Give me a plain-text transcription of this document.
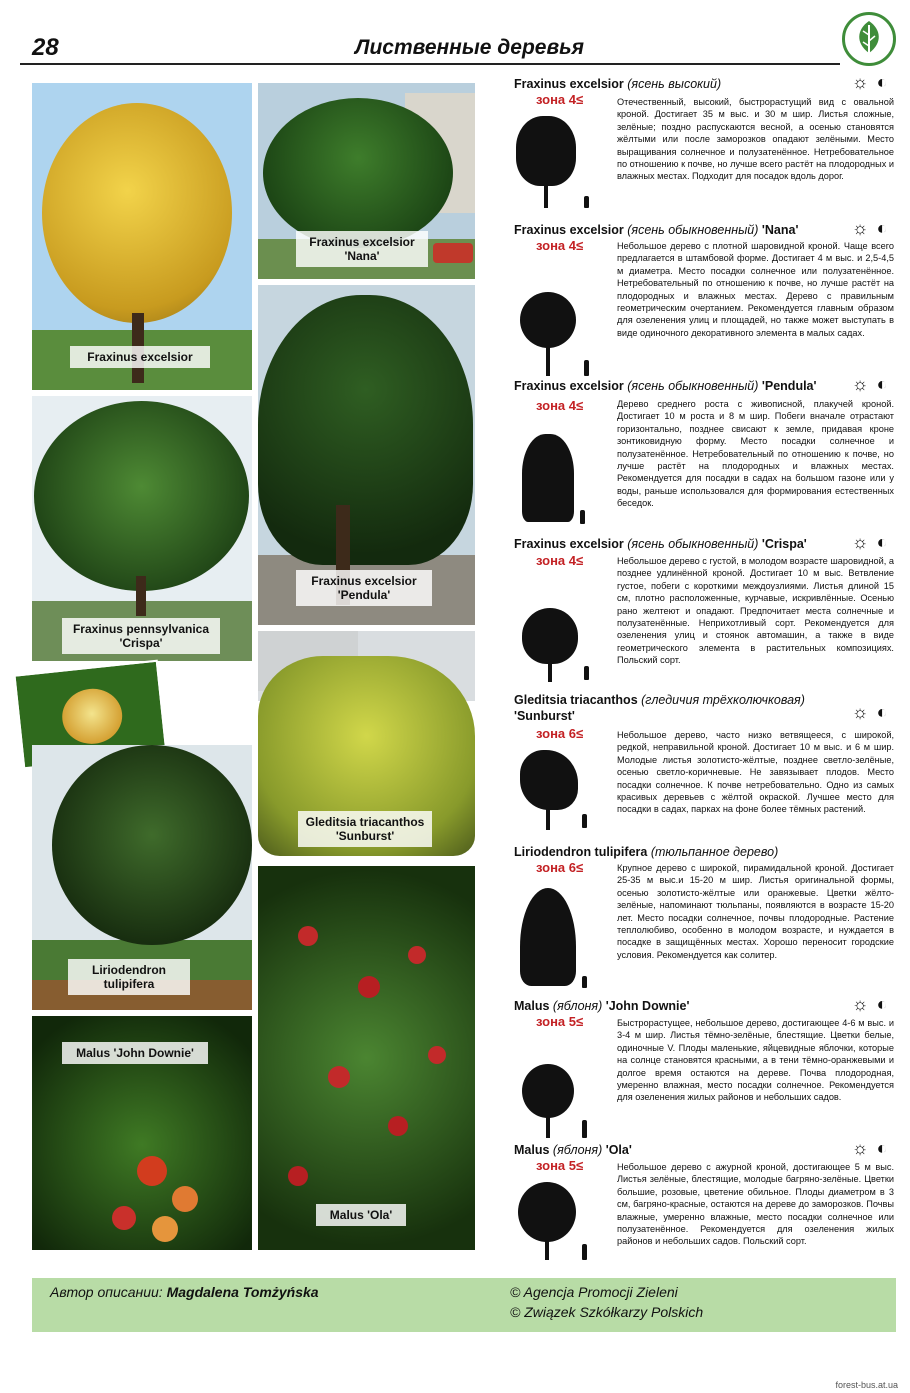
28	Лиственные деревья
Fraxinus excelsior
Fraxinus excelsior
'Nana'
Fraxinus excelsior
'Pendula'
Fraxinus pennsylvanica
'Crispa'
Gleditsia triacanthos
'Sunburst'
Liriodendron
tulipifera
Malus 'John Downie'
Malus 'Ola'
Fraxinus excelsior (ясень высокий)	☼ ◐
зона 4≤	Отечественный, высокий, быстрорастущий вид с овальной кроной. Достигает 35 м выс. и 30 м шир. Листья сложные, зелёные; поздно распускаются весной, а осенью становятся жёлтыми или после заморозков опадают зелёными. Место выращивания солнечное и полузатенённое. Нетребовательное по отношению к почве, но лучше всего растёт на плодородных и влажных местах. Подходит для посадок вдоль дорог.
Fraxinus excelsior (ясень обыкновенный) 'Nana'	☼ ◐
зона 4≤	Небольшое дерево с плотной шаровидной кроной. Чаще всего предлагается в штамбовой форме. Достигает 4 м выс. и 2,5-4,5 м диаметра. Место посадки солнечное или полузатенённое. Нетребовательный по отношению к почве, но лучше растёт на плодородных и влажных местах. Дерево с правильным геометрическим очертанием. Рекомендуется главным образом для озеленения улиц и площадей, но также может выступать в виде одиночного декоративного элемента в малых садах.
Fraxinus excelsior (ясень обыкновенный) 'Pendula'	☼ ◐
зона 4≤	Дерево среднего роста с живописной, плакучей кроной. Достигает 10 м роста и 8 м шир. Побеги вначале отрастают горизонтально, позднее свисают к земле, придавая кроне зонтиковидную форму. Место посадки солнечное и полузатенённое. Нетребовательный по отношению к почве, но лучше растёт на плодородных и влажных местах. Рекомендуется для посадки в садах на большом газоне или у воды, раньше использовался для формирования естественных беседок.
Fraxinus excelsior (ясень обыкновенный) 'Crispa'	☼ ◐
зона 4≤	Небольшое дерево с густой, в молодом возрасте шаровидной, а позднее удлинённой кроной. Достигает 10 м выс. Ветвление густое, побеги с короткими междоузлиями. Листья длиной 15 см, плотно расположенные, курчавые, искривлённые. Осенью рано желтеют и опадают. Предпочитает места солнечные и полузатенённые. Неприхотливый сорт. Рекомендуется для озеленения улиц и стоянок автомашин, а также в виде геометрического элемента в растительных композициях. Польский сорт.
Gleditsia triacanthos (гледичия трёхколючковая)
'Sunburst'	☼ ◐
зона 6≤	Небольшое дерево, часто низко ветвящееся, с широкой, редкой, неправильной кроной. Достигает 10 м выс. и 6 м шир. Молодые листья золотисто-жёлтые, позднее светло-зелёные, осенью светло-коричневые. Не завязывает плодов. Место посадки солнечное. К почве нетребовательно. Одно из самых красивых деревьев с жёлтой окраской. Лучшее место для посадки в садах, парках на фоне более тёмных растений.
Liriodendron tulipifera (тюльпанное дерево)
зона 6≤	Крупное дерево с широкой, пирамидальной кроной. Достигает 25-35 м выс.и 15-20 м шир. Листья оригинальной формы, осенью золотисто-жёлтые или оранжевые. Цветки жёлто-зелёные, напоминают тюльпаны, появляются в возрасте 15-20 лет. Место посадки солнечное, почвы плодородные. Растение теплолюбиво, особенно в молодом возрасте, и нуждается в посадке в защищённых местах. Хорошо переносит городские условия. Рекомендуется как солитер.
Malus (яблоня) 'John Downie'	☼ ◐
зона 5≤	Быстрорастущее, небольшое дерево, достигающее 4-6 м выс. и 3-4 м шир. Листья тёмно-зелёные, блестящие. Цветки белые, одиночные V. Плоды маленькие, яйцевидные яблочки, которые на солнце становятся красными, а в тени тёмно-оранжевыми и долгое время остаются на дереве. Почва плодородная, умеренно влажная, место посадки солнечное. Рекомендуется для озеленения жилых районов и небольших садов.
Malus (яблоня) 'Ola'	☼ ◐
зона 5≤	Небольшое дерево с ажурной кроной, достигающее 5 м выс. Листья зелёные, блестящие, молодые багряно-зелёные. Цветки большие, розовые, цветение обильное. Плоды диаметром в 3 см, багряно-красные, остаются на дереве до заморозков. Почвы влажные, умеренно влажные, место посадки солнечное или полузатенённое. Рекомендуется для озеленения жилых районов и небольших садов. Польский сорт.
Автор описании: Magdalena Tomżyńska	© Agencja Promocji Zieleni
© Związek Szkółkarzy Polskich
forest-bus.at.ua
